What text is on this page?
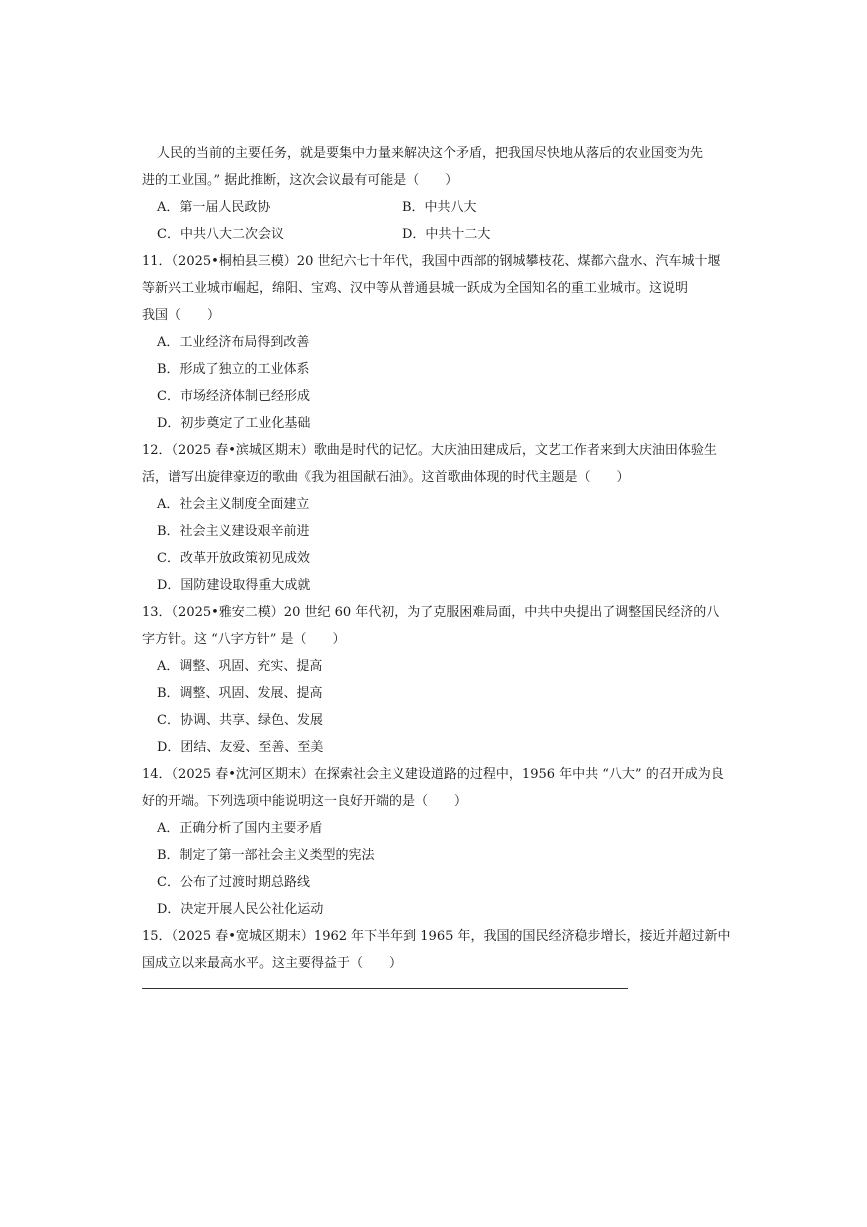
人民的当前的主要任务，就是要集中力量来解决这个矛盾，把我国尽快地从落后的农业国变为先
进的工业国。” 据此推断，这次会议最有可能是（　　）
A．第一届人民政协	B．中共八大
C．中共八大二次会议	D．中共十二大
11．（2025•桐柏县三模）20 世纪六七十年代，我国中西部的钢城攀枝花、煤都六盘水、汽车城十堰
等新兴工业城市崛起，绵阳、宝鸡、汉中等从普通县城一跃成为全国知名的重工业城市。这说明
我国（　　）
A．工业经济布局得到改善
B．形成了独立的工业体系
C．市场经济体制已经形成
D．初步奠定了工业化基础
12．（2025 春•滨城区期末）歌曲是时代的记忆。大庆油田建成后，文艺工作者来到大庆油田体验生
活，谱写出旋律豪迈的歌曲《我为祖国献石油》。这首歌曲体现的时代主题是（　　）
A．社会主义制度全面建立
B．社会主义建设艰辛前进
C．改革开放政策初见成效
D．国防建设取得重大成就
13．（2025•雅安二模）20 世纪 60 年代初，为了克服困难局面，中共中央提出了调整国民经济的八
字方针。这 “八字方针” 是（　　）
A．调整、巩固、充实、提高
B．调整、巩固、发展、提高
C．协调、共享、绿色、发展
D．团结、友爱、至善、至美
14．（2025 春•沈河区期末）在探索社会主义建设道路的过程中，1956 年中共 “八大” 的召开成为良
好的开端。下列选项中能说明这一良好开端的是（　　）
A．正确分析了国内主要矛盾
B．制定了第一部社会主义类型的宪法
C．公布了过渡时期总路线
D．决定开展人民公社化运动
15．（2025 春•宽城区期末）1962 年下半年到 1965 年，我国的国民经济稳步增长，接近并超过新中
国成立以来最高水平。这主要得益于（　　）
